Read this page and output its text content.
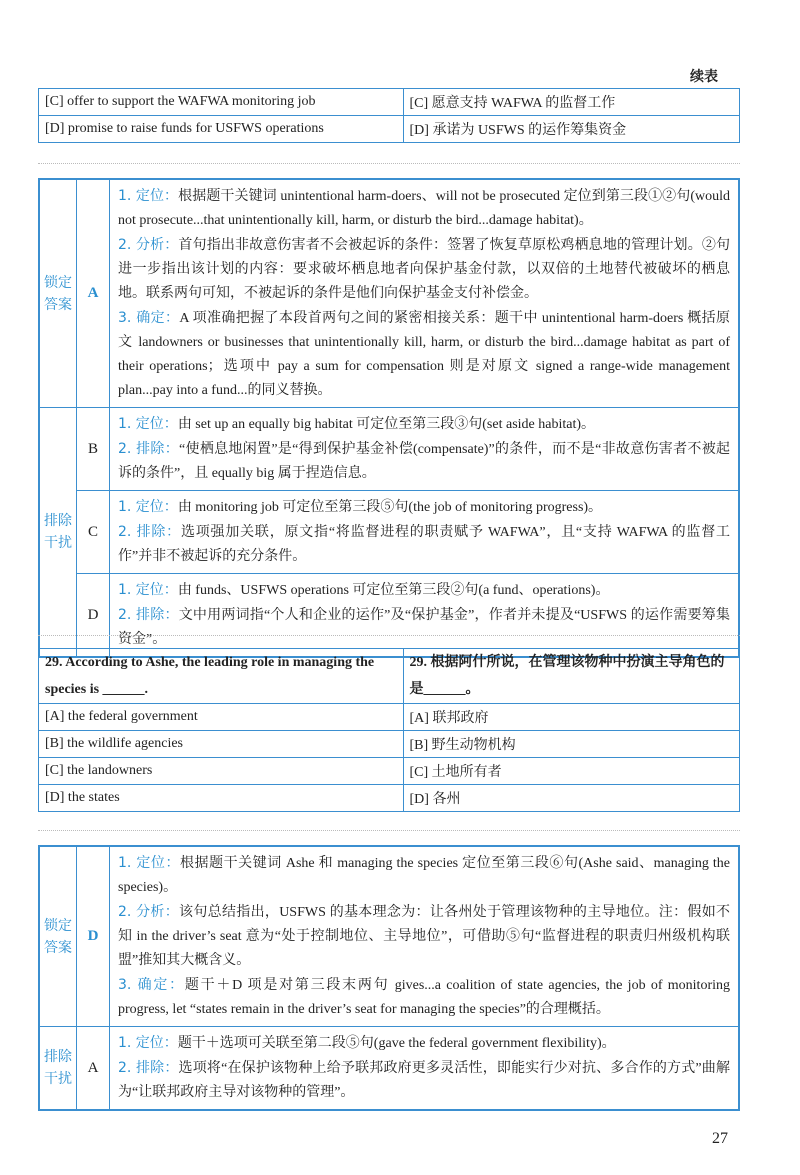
续表
[C] offer to support the WAFWA monitoring job	[C] 愿意支持 WAFWA 的监督工作
[D] promise to raise funds for USFWS operations	[D] 承诺为 USFWS 的运作筹集资金
锁定
答案	A	1. 定位：根据题干关键词 unintentional harm-doers、will not be prosecuted 定位到第三段①②句(would not prosecute...that unintentionally kill, harm, or disturb the bird...damage habitat)。
2. 分析：首句指出非故意伤害者不会被起诉的条件：签署了恢复草原松鸡栖息地的管理计划。②句进一步指出该计划的内容：要求破坏栖息地者向保护基金付款，以双倍的土地替代被破坏的栖息地。联系两句可知，不被起诉的条件是他们向保护基金支付补偿金。
3. 确定：A 项准确把握了本段首两句之间的紧密相接关系：题干中 unintentional harm-doers 概括原文 landowners or businesses that unintentionally kill, harm, or disturb the bird...damage habitat as part of their operations；选项中 pay a sum for compensation 则是对原文 signed a range-wide management plan...pay into a fund...的同义替换。

排除
干扰	B	1. 定位：由 set up an equally big habitat 可定位至第三段③句(set aside habitat)。
2. 排除：“使栖息地闲置”是“得到保护基金补偿(compensate)”的条件，而不是“非故意伤害者不被起诉的条件”，且 equally big 属于捏造信息。

	C	1. 定位：由 monitoring job 可定位至第三段⑤句(the job of monitoring progress)。
2. 排除：选项强加关联，原文指“将监督进程的职责赋予 WAFWA”，且“支持 WAFWA 的监督工作”并非不被起诉的充分条件。

	D	1. 定位：由 funds、USFWS operations 可定位至第三段②句(a fund、operations)。
2. 排除：文中用两词指“个人和企业的运作”及“保护基金”，作者并未提及“USFWS 的运作需要筹集资金”。
29. According to Ashe, the leading role in managing the species is ______.	29. 根据阿什所说，在管理该物种中扮演主导角色的是______。
[A] the federal government	[A] 联邦政府
[B] the wildlife agencies	[B] 野生动物机构
[C] the landowners	[C] 土地所有者
[D] the states	[D] 各州
锁定
答案	D	1. 定位：根据题干关键词 Ashe 和 managing the species 定位至第三段⑥句(Ashe said、managing the species)。
2. 分析：该句总结指出，USFWS 的基本理念为：让各州处于管理该物种的主导地位。注：假如不知 in the driver’s seat 意为“处于控制地位、主导地位”，可借助⑤句“监督进程的职责归州级机构联盟”推知其大概含义。
3. 确定：题干＋D 项是对第三段末两句 gives...a coalition of state agencies, the job of monitoring progress, let “states remain in the driver’s seat for managing the species”的合理概括。

排除
干扰	A	1. 定位：题干＋选项可关联至第二段⑤句(gave the federal government flexibility)。
2. 排除：选项将“在保护该物种上给予联邦政府更多灵活性，即能实行少对抗、多合作的方式”曲解为“让联邦政府主导对该物种的管理”。
27
